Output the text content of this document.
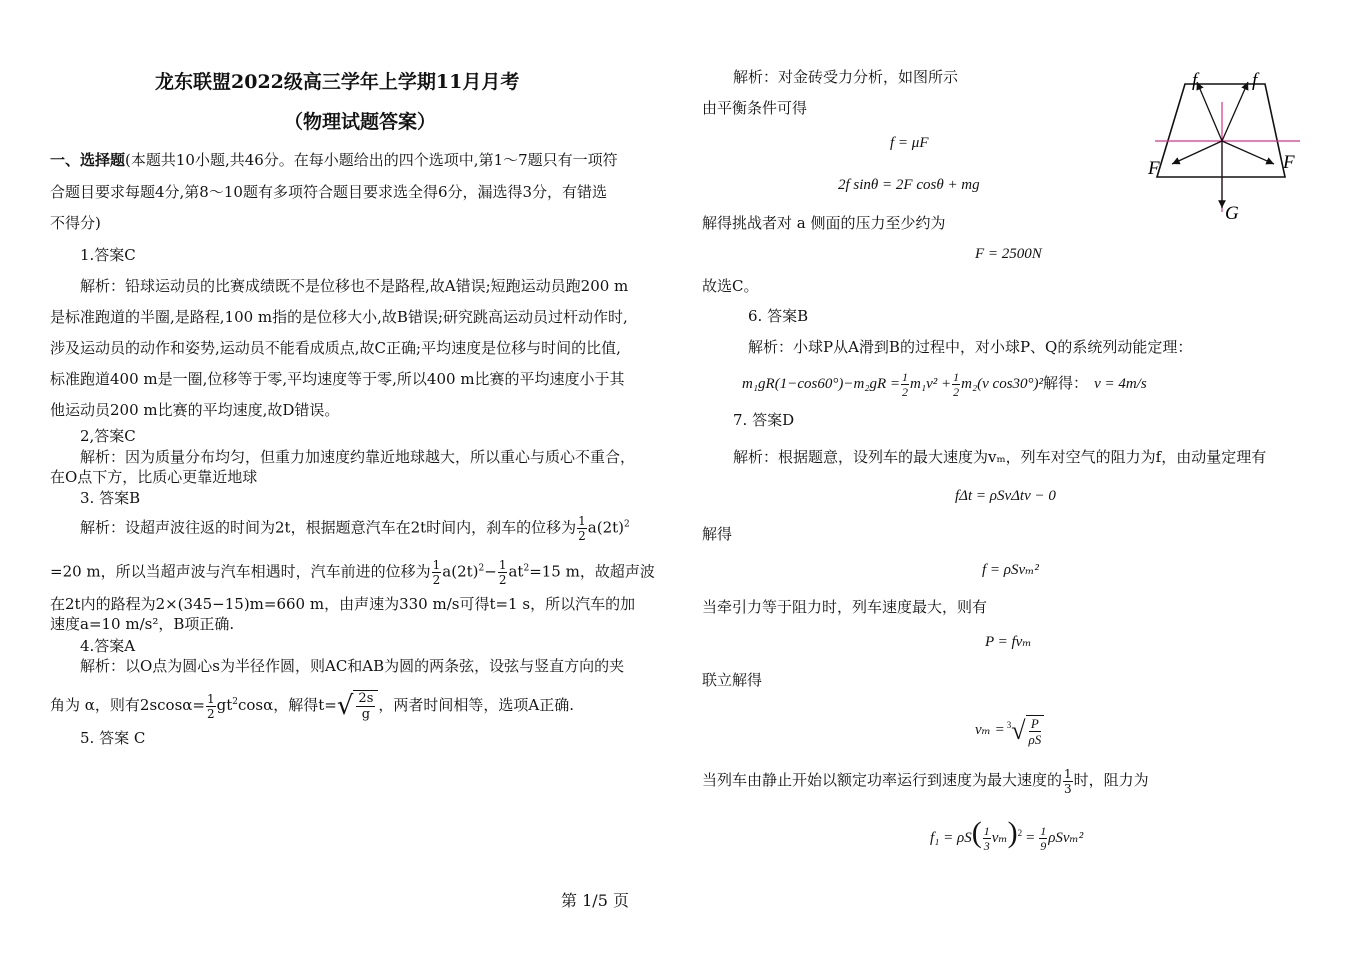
龙东联盟2022级高三学年上学期11月月考
（物理试题答案）
一、选择题(本题共10小题,共46分。在每小题给出的四个选项中,第1～7题只有一项符
合题目要求每题4分,第8～10题有多项符合题目要求选全得6分，漏选得3分，有错选
不得分)
1.答案C
解析：铅球运动员的比赛成绩既不是位移也不是路程,故A错误;短跑运动员跑200 m
是标准跑道的半圈,是路程,100 m指的是位移大小,故B错误;研究跳高运动员过杆动作时,
涉及运动员的动作和姿势,运动员不能看成质点,故C正确;平均速度是位移与时间的比值,
标准跑道400 m是一圈,位移等于零,平均速度等于零,所以400 m比赛的平均速度小于其
他运动员200 m比赛的平均速度,故D错误。
2,答案C
解析：因为质量分布均匀，但重力加速度约靠近地球越大，所以重心与质心不重合，
在O点下方，比质心更靠近地球
3. 答案B
解析：设超声波往返的时间为2t，根据题意汽车在2t时间内，刹车的位移为 $\frac{1}{2} a(2t)^2$
=20 m，所以当超声波与汽车相遇时，汽车前进的位移为 $\frac{1}{2} a(2t)^2- \frac{1}{2} at^2=15$ m，故超声波
在2t内的路程为2×(345−15)m=660 m，由声速为330 m/s可得t=1 s，所以汽车的加
速度a=10 m/s²，B项正确.
4.答案A
解析：以O点为圆心s为半径作圆，则AC和AB为圆的两条弦，设弦与竖直方向的夹
角为 α，则有$2scos\alpha= \frac{1}{2} gt^2\cos\alpha$，解得t= √ $\frac{2s}{g}$ ，两者时间相等，选项A正确.
5. 答案 C
解析：对金砖受力分析，如图所示
由平衡条件可得
f = μF
2f sinθ = 2F cosθ + mg
解得挑战者对 a 侧面的压力至少约为
F = 2500N
故选C。
f	f
F	F
G
6. 答案B
解析：小球P从A滑到B的过程中，对小球P、Q的系统列动能定理：
$m_1gR(1-\cos 60^\circ)-m_2gR = \frac{1}{2} m_1v^2 + \frac{1}{2} m_2(v$ cos30°)²解得： v = 4m/s
7. 答案D
解析：根据题意，设列车的最大速度为vₘ，列车对空气的阻力为f，由动量定理有
fΔt = ρSvΔtv − 0
解得
f = ρSvₘ²
当牵引力等于阻力时，列车速度最大，则有
P = fvₘ
联立解得
vₘ = $^3$ √ $\frac{P}{\rho S}$
当列车由静止开始以额定功率运行到速度为最大速度的 $\frac{1}{3}$ 时，阻力为
$f_1 = \rho S( \frac{1}{3} v_m)^2 = \frac{1}{9} \rho Sv_m^2$
第 1/5 页
